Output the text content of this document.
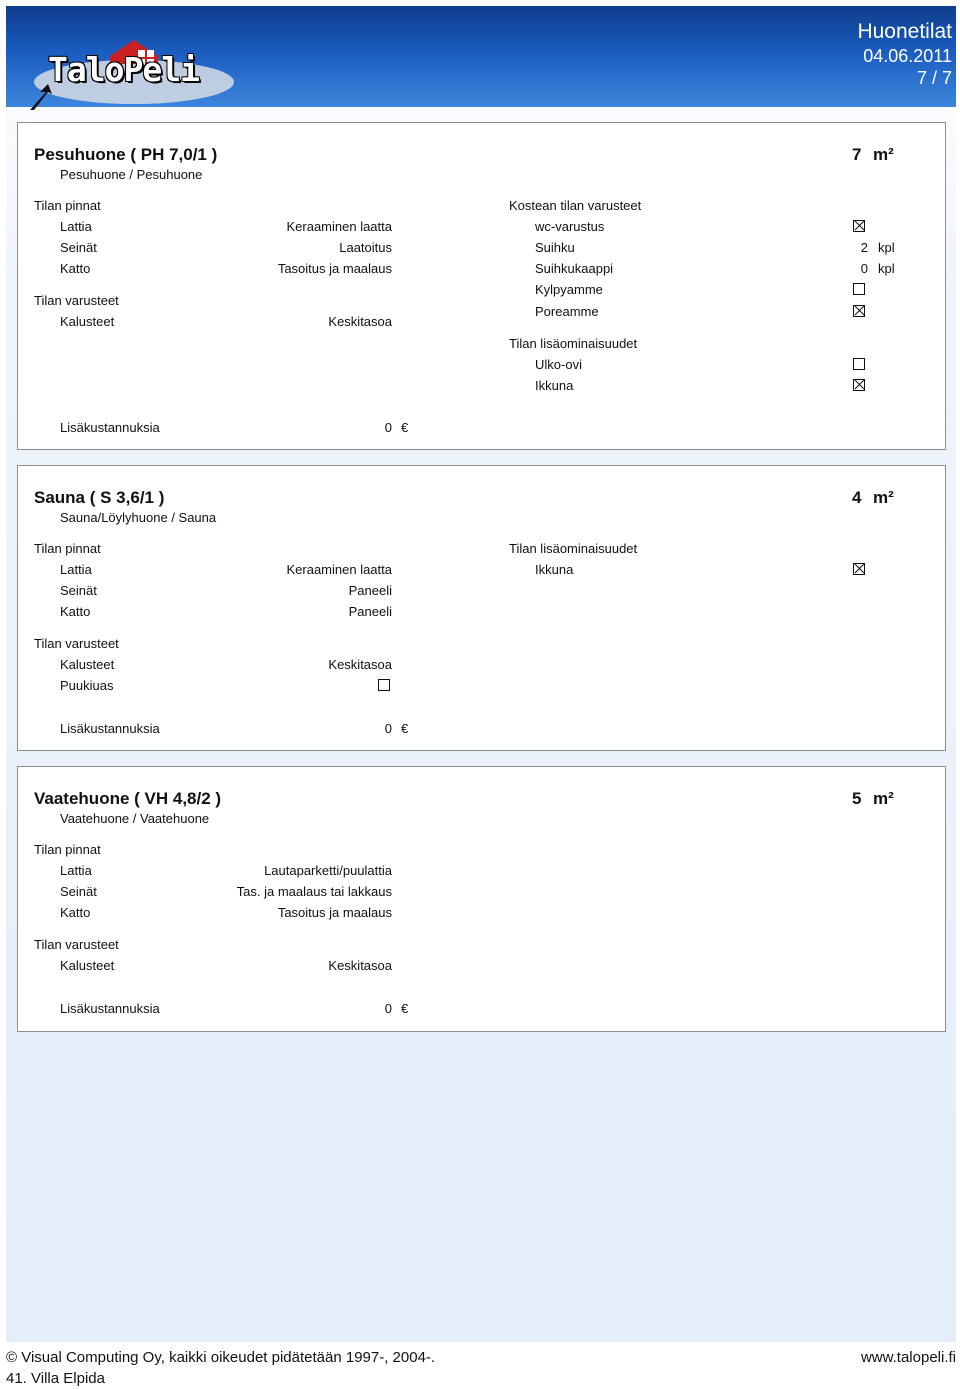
TaloPeli
Huonetilat
04.06.2011
7 / 7
Pesuhuone ( PH 7,0/1 )
Pesuhuone / Pesuhuone
7 m²
Tilan pinnat
Lattia	Keraaminen laatta
Seinät	Laatoitus
Katto	Tasoitus ja maalaus
Tilan varusteet
Kalusteet	Keskitasoa
Kostean tilan varusteet
wc-varustus
Suihku	2 kpl
Suihkukaappi	0 kpl
Kylpyamme
Poreamme
Tilan lisäominaisuudet
Ulko-ovi
Ikkuna
Lisäkustannuksia	0 €
Sauna ( S 3,6/1 )
Sauna/Löylyhuone / Sauna
4 m²
Tilan pinnat
Lattia	Keraaminen laatta
Seinät	Paneeli
Katto	Paneeli
Tilan varusteet
Kalusteet	Keskitasoa
Puukiuas
Tilan lisäominaisuudet
Ikkuna
Lisäkustannuksia	0 €
Vaatehuone ( VH 4,8/2 )
Vaatehuone / Vaatehuone
5 m²
Tilan pinnat
Lattia	Lautaparketti/puulattia
Seinät	Tas. ja maalaus tai lakkaus
Katto	Tasoitus ja maalaus
Tilan varusteet
Kalusteet	Keskitasoa
Lisäkustannuksia	0 €
© Visual Computing Oy, kaikki oikeudet pidätetään 1997-, 2004-.	www.talopeli.fi
41. Villa Elpida
